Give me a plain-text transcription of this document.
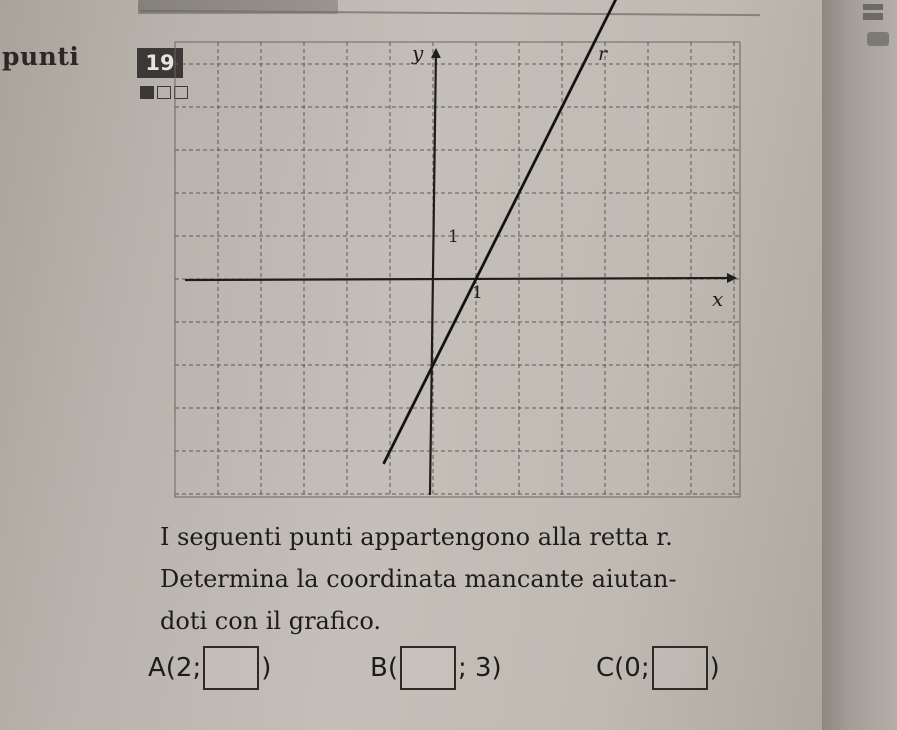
punti	19	y
x
r
1
1

I seguenti punti appartengono alla retta r.

Determina la coordinata mancante aiutan-

doti con il grafico.

A(2; )	B( ; 3)	C(0; )
